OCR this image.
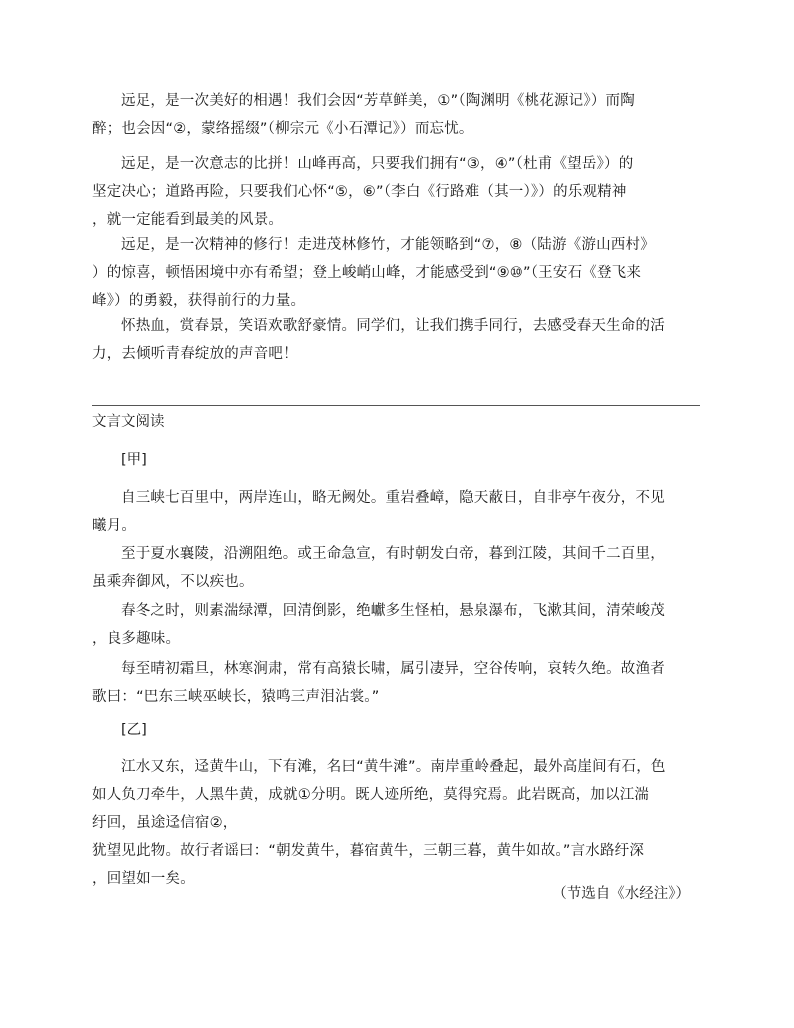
远足，是一次美好的相遇！我们会因“芳草鲜美，①”（陶渊明《桃花源记》）而陶
醉；也会因“②，蒙络摇缀”（柳宗元《小石潭记》）而忘忧。

远足，是一次意志的比拼！山峰再高，只要我们拥有“③，④”（杜甫《望岳》）的
坚定决心；道路再险，只要我们心怀“⑤，⑥”（李白《行路难（其一）》）的乐观精神
，就一定能看到最美的风景。

远足，是一次精神的修行！走进茂林修竹，才能领略到“⑦，⑧（陆游《游山西村》
）的惊喜，顿悟困境中亦有希望；登上峻峭山峰，才能感受到“⑨⑩”（王安石《登飞来
峰》）的勇毅，获得前行的力量。

怀热血，赏春景，笑语欢歌舒豪情。同学们，让我们携手同行，去感受春天生命的活
力，去倾听青春绽放的声音吧！

文言文阅读
[甲]

自三峡七百里中，两岸连山，略无阙处。重岩叠嶂，隐天蔽日，自非亭午夜分，不见
曦月。

至于夏水襄陵，沿溯阻绝。或王命急宣，有时朝发白帝，暮到江陵，其间千二百里，
虽乘奔御风，不以疾也。

春冬之时，则素湍绿潭，回清倒影，绝巘多生怪柏，悬泉瀑布，飞漱其间，清荣峻茂
，良多趣味。

每至晴初霜旦，林寒涧肃，常有高猿长啸，属引凄异，空谷传响，哀转久绝。故渔者
歌曰：“巴东三峡巫峡长，猿鸣三声泪沾裳。”

[乙]

江水又东，迳黄牛山，下有滩，名曰“黄牛滩”。南岸重岭叠起，最外高崖间有石，色
如人负刀牵牛，人黑牛黄，成就①分明。既人迹所绝，莫得究焉。此岩既高，加以江湍
纡回，虽途迳信宿②，
犹望见此物。故行者谣曰：“朝发黄牛，暮宿黄牛，三朝三暮，黄牛如故。”言水路纡深
，回望如一矣。

（节选自《水经注》）
